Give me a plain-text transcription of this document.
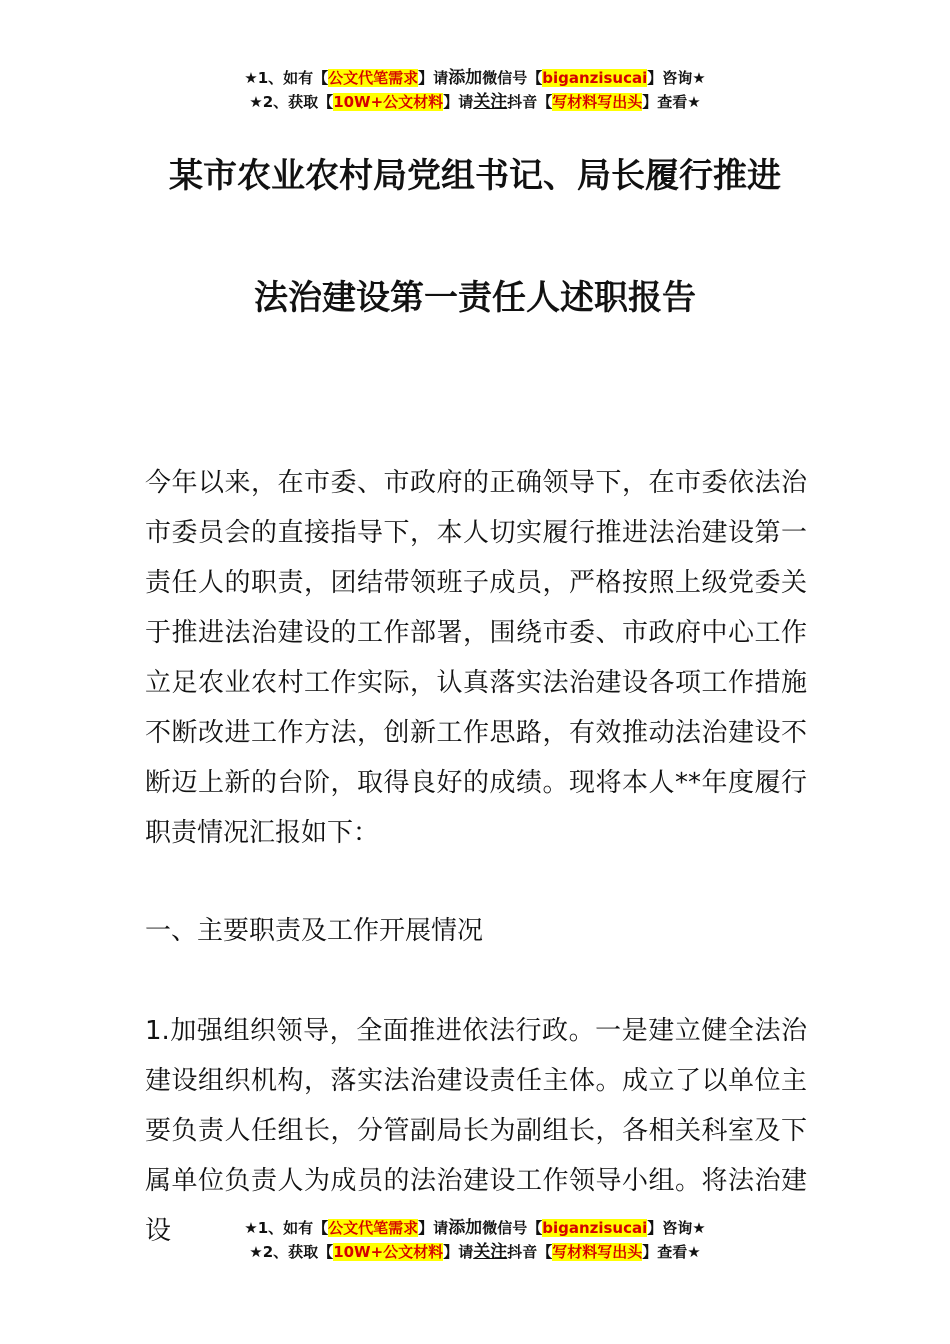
★1、如有【公文代笔需求】请添加微信号【biganzisucai】咨询★
★2、获取【10W+公文材料】请关注抖音【写材料写出头】查看★
某市农业农村局党组书记、局长履行推进
法治建设第一责任人述职报告
今年以来，在市委、市政府的正确领导下，在市委依法治市委员会的直接指导下，本人切实履行推进法治建设第一责任人的职责，团结带领班子成员，严格按照上级党委关于推进法治建设的工作部署，围绕市委、市政府中心工作立足农业农村工作实际，认真落实法治建设各项工作措施不断改进工作方法，创新工作思路，有效推动法治建设不断迈上新的台阶，取得良好的成绩。现将本人**年度履行职责情况汇报如下：
一、主要职责及工作开展情况
1.加强组织领导，全面推进依法行政。一是建立健全法治建设组织机构，落实法治建设责任主体。成立了以单位主要负责人任组长，分管副局长为副组长，各相关科室及下属单位负责人为成员的法治建设工作领导小组。将法治建设	★1、如有【公文代笔需求】请添加微信号【biganzisucai】咨询★
★2、获取【10W+公文材料】请关注抖音【写材料写出头】查看★
